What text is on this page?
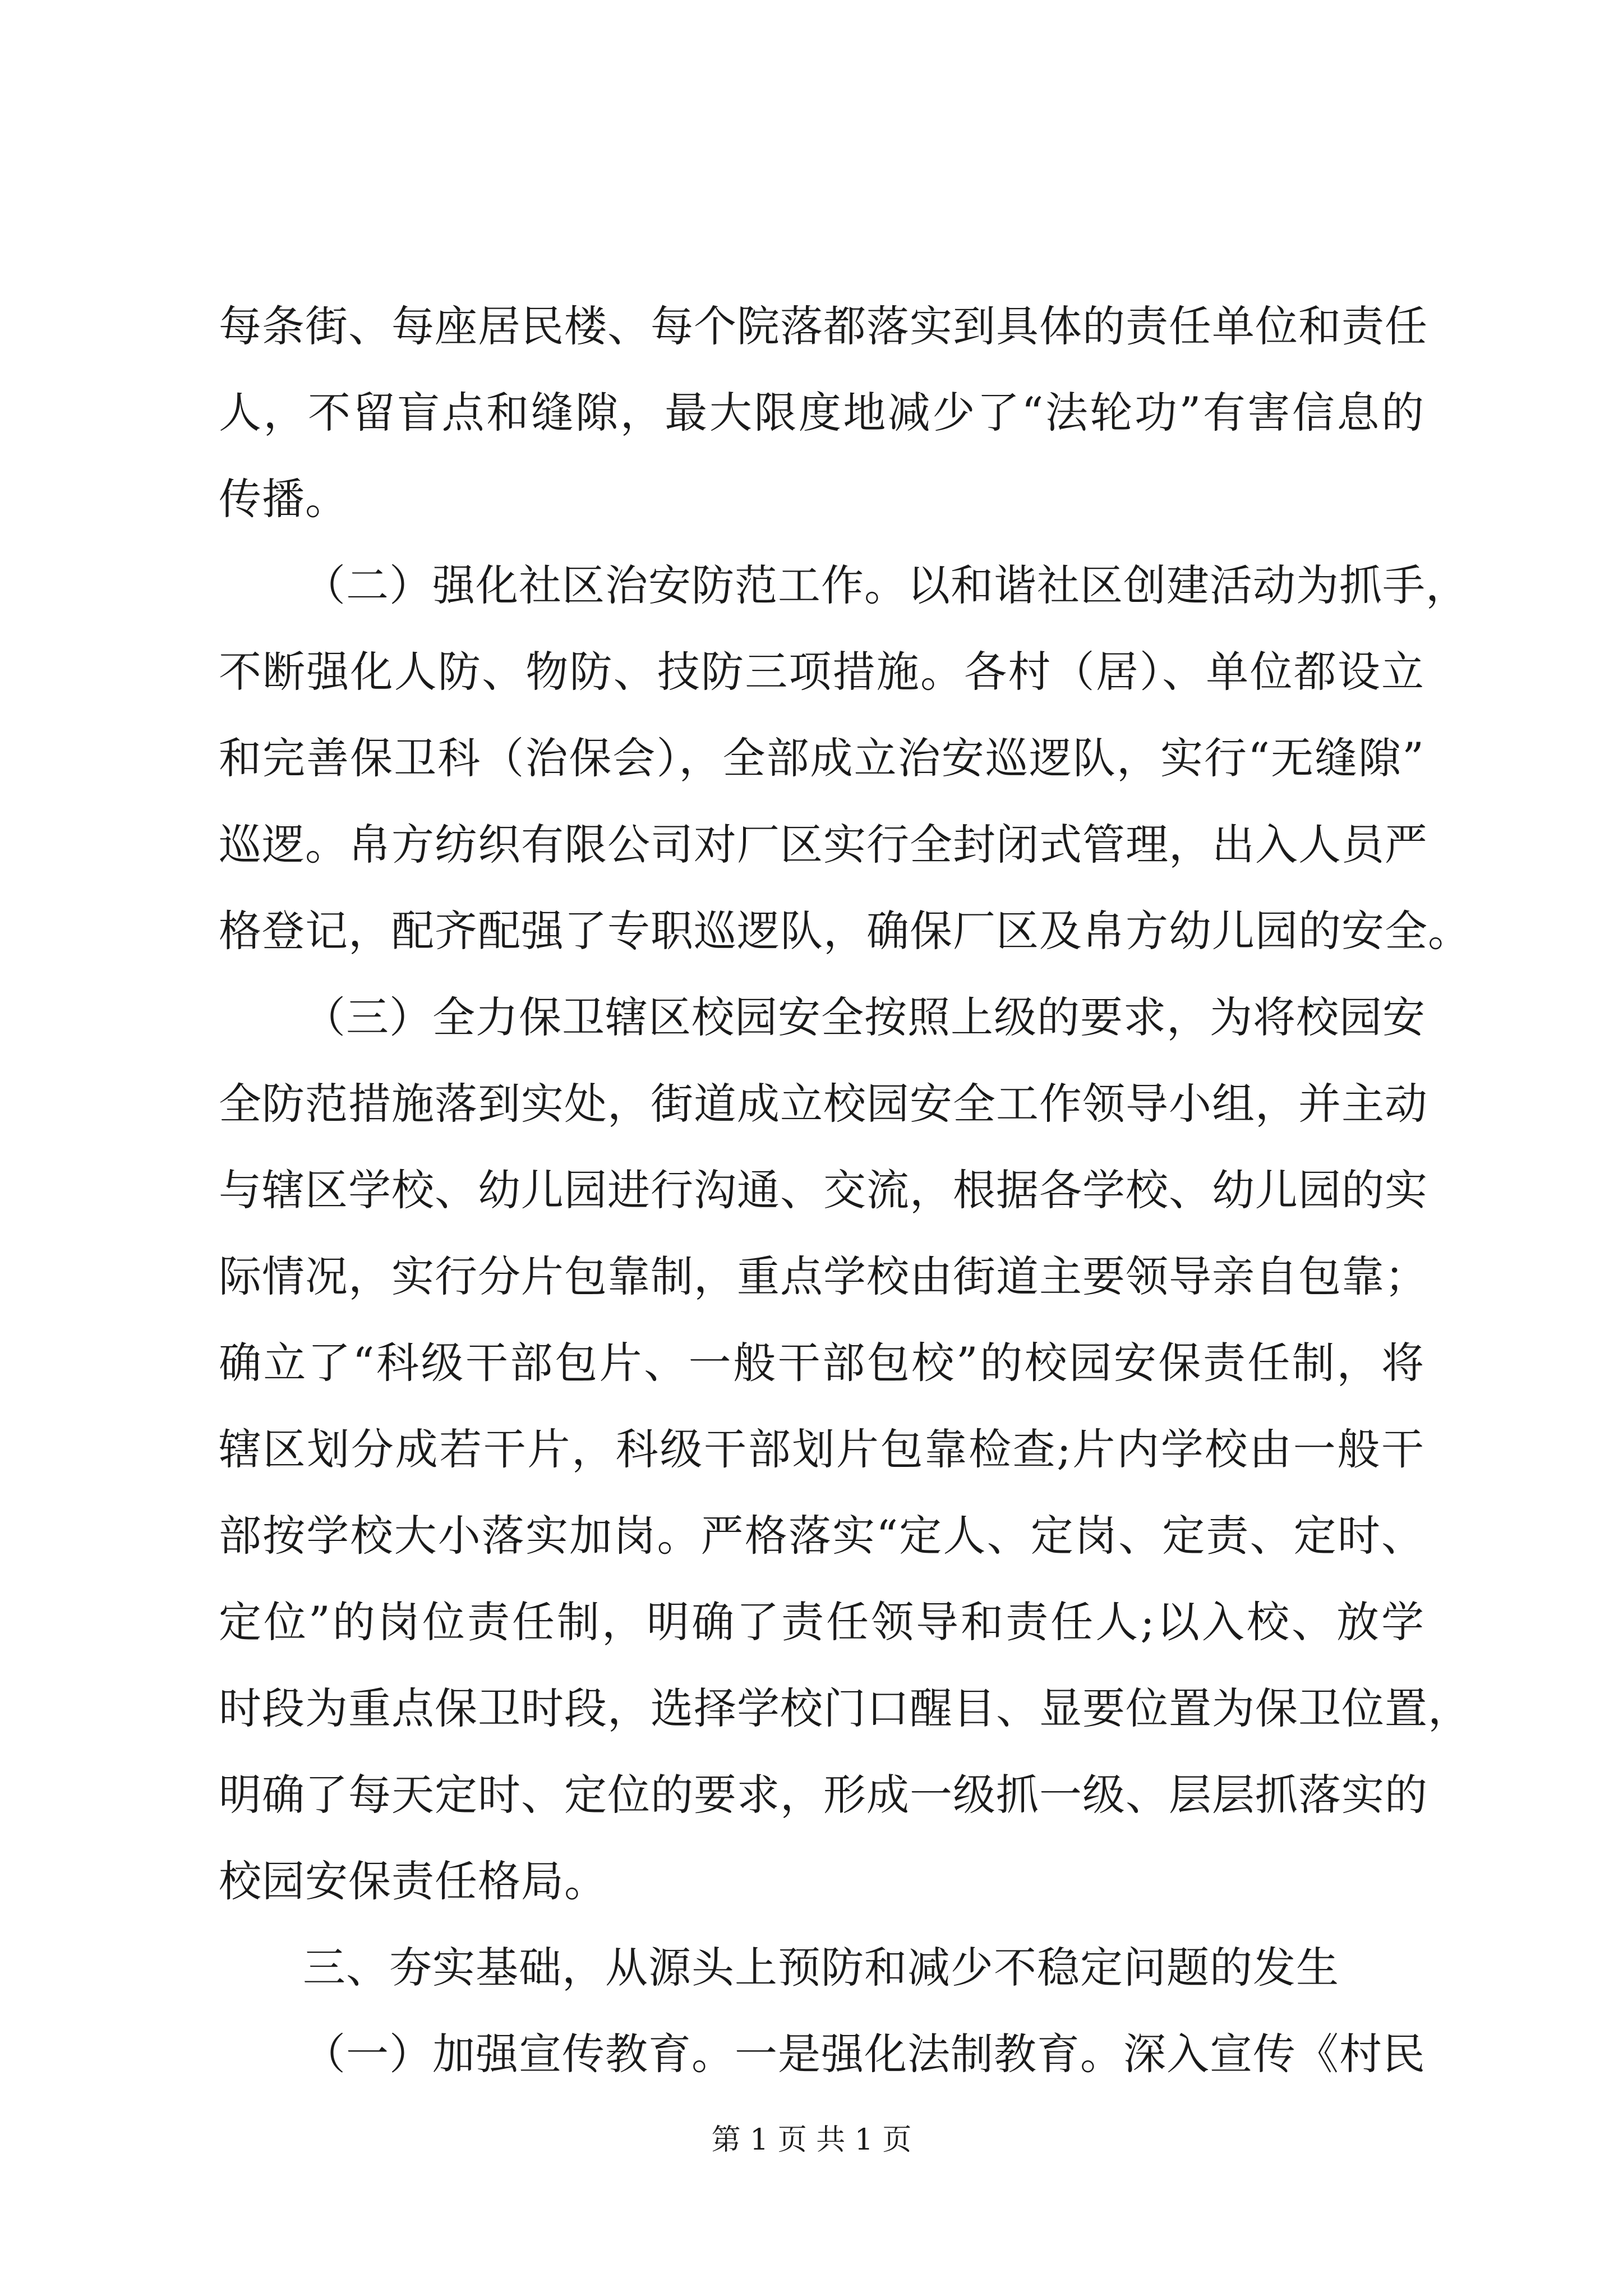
每条街、每座居民楼、每个院落都落实到具体的责任单位和责任
人，不留盲点和缝隙，最大限度地减少了“法轮功”有害信息的
传播。
（二）强化社区治安防范工作。以和谐社区创建活动为抓手，
不断强化人防、物防、技防三项措施。各村（居）、单位都设立
和完善保卫科（治保会），全部成立治安巡逻队，实行“无缝隙”
巡逻。帛方纺织有限公司对厂区实行全封闭式管理，出入人员严
格登记，配齐配强了专职巡逻队，确保厂区及帛方幼儿园的安全。
（三）全力保卫辖区校园安全按照上级的要求，为将校园安
全防范措施落到实处，街道成立校园安全工作领导小组，并主动
与辖区学校、幼儿园进行沟通、交流，根据各学校、幼儿园的实
际情况，实行分片包靠制，重点学校由街道主要领导亲自包靠；
确立了“科级干部包片、一般干部包校”的校园安保责任制，将
辖区划分成若干片，科级干部划片包靠检查;片内学校由一般干
部按学校大小落实加岗。严格落实“定人、定岗、定责、定时、
定位”的岗位责任制，明确了责任领导和责任人;以入校、放学
时段为重点保卫时段，选择学校门口醒目、显要位置为保卫位置，
明确了每天定时、定位的要求，形成一级抓一级、层层抓落实的
校园安保责任格局。
三、夯实基础，从源头上预防和减少不稳定问题的发生
（一）加强宣传教育。一是强化法制教育。深入宣传《村民
第 1 页 共 1 页
